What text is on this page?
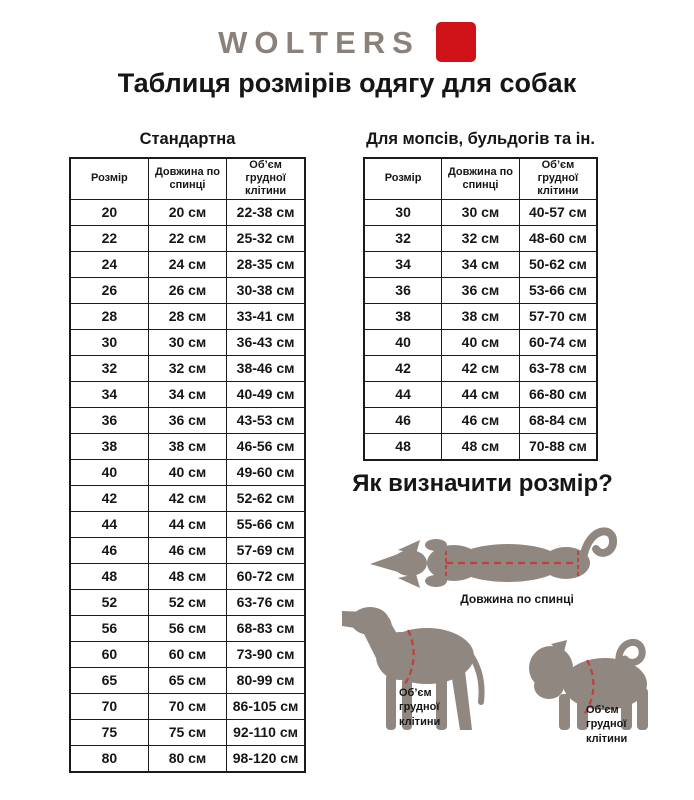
WOLTERS
Таблиця розмірів одягу для собак
Стандартна
Розмір	Довжина по спинці	Об’єм грудної клітини
20	20 см	22-38 см
22	22 см	25-32 см
24	24 см	28-35 см
26	26 см	30-38 см
28	28 см	33-41 см
30	30 см	36-43 см
32	32 см	38-46 см
34	34 см	40-49 см
36	36 см	43-53 см
38	38 см	46-56 см
40	40 см	49-60 см
42	42 см	52-62 см
44	44 см	55-66 см
46	46 см	57-69 см
48	48 см	60-72 см
52	52 см	63-76 см
56	56 см	68-83 см
60	60 см	73-90 см
65	65 см	80-99 см
70	70 см	86-105 см
75	75 см	92-110 см
80	80 см	98-120 см
Для мопсів, бульдогів та ін.
Розмір	Довжина по спинці	Об’єм грудної клітини
30	30 см	40-57 см
32	32 см	48-60 см
34	34 см	50-62 см
36	36 см	53-66 см
38	38 см	57-70 см
40	40 см	60-74 см
42	42 см	63-78 см
44	44 см	66-80 см
46	46 см	68-84 см
48	48 см	70-88 см
Як визначити розмір?
Довжина по спинці
Об’єм грудної клітини
Об’єм грудної клітини
